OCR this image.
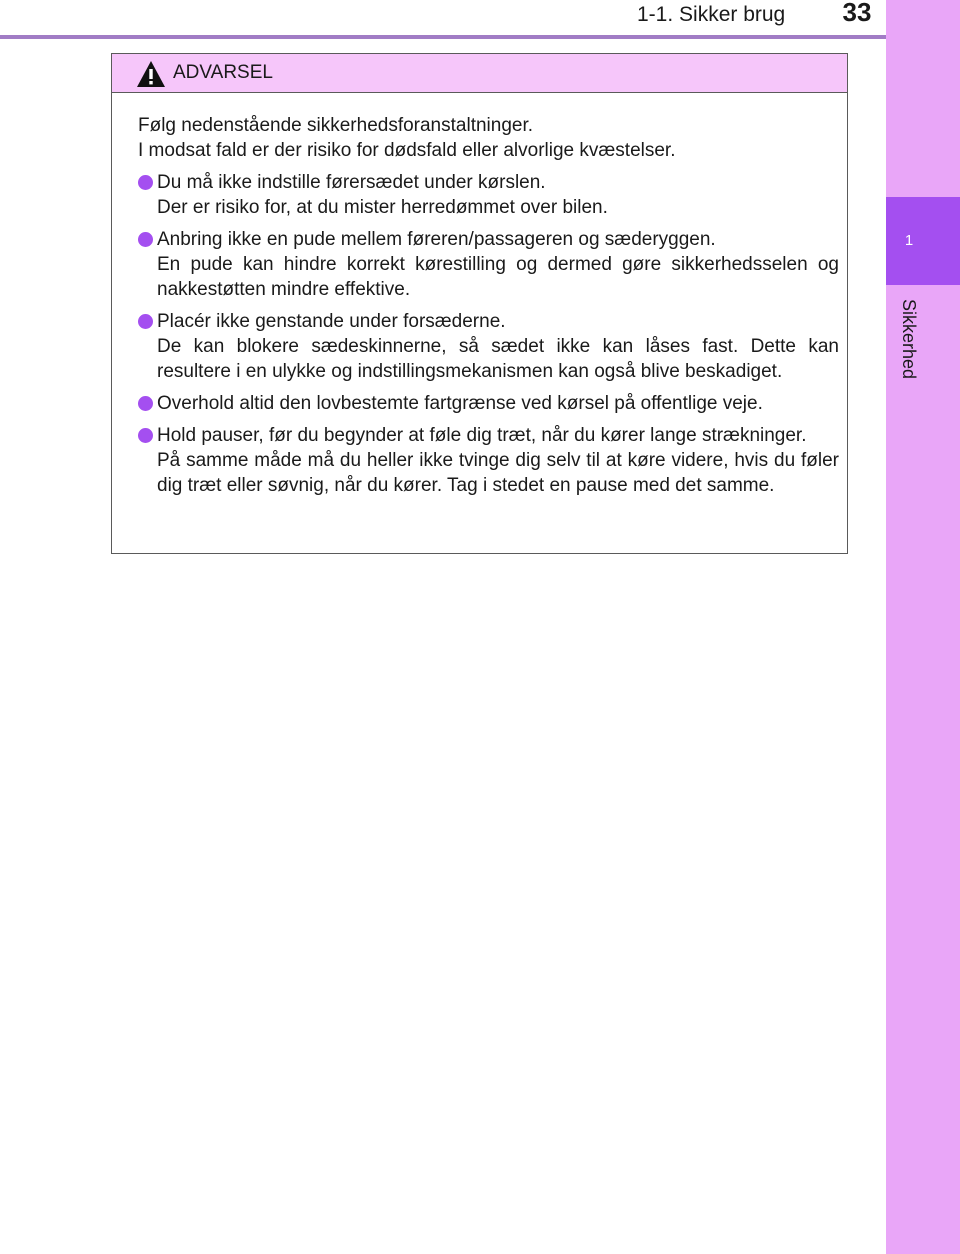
1-1. Sikker brug	33
1
Sikkerhed
ADVARSEL

Følg nedenstående sikkerhedsforanstaltninger.

I modsat fald er der risiko for dødsfald eller alvorlige kvæstelser.

Du må ikke indstille førersædet under kørslen.
Der er risiko for, at du mister herredømmet over bilen.
Anbring ikke en pude mellem føreren/passageren og sæderyggen.
En pude kan hindre korrekt kørestilling og dermed gøre sikkerhedsselen og nakkestøtten mindre effektive.
Placér ikke genstande under forsæderne.
De kan blokere sædeskinnerne, så sædet ikke kan låses fast. Dette kan resultere i en ulykke og indstillingsmekanismen kan også blive beskadiget.
Overhold altid den lovbestemte fartgrænse ved kørsel på offentlige veje.
Hold pauser, før du begynder at føle dig træt, når du kører lange strækninger.
På samme måde må du heller ikke tvinge dig selv til at køre videre, hvis du føler dig træt eller søvnig, når du kører. Tag i stedet en pause med det samme.
